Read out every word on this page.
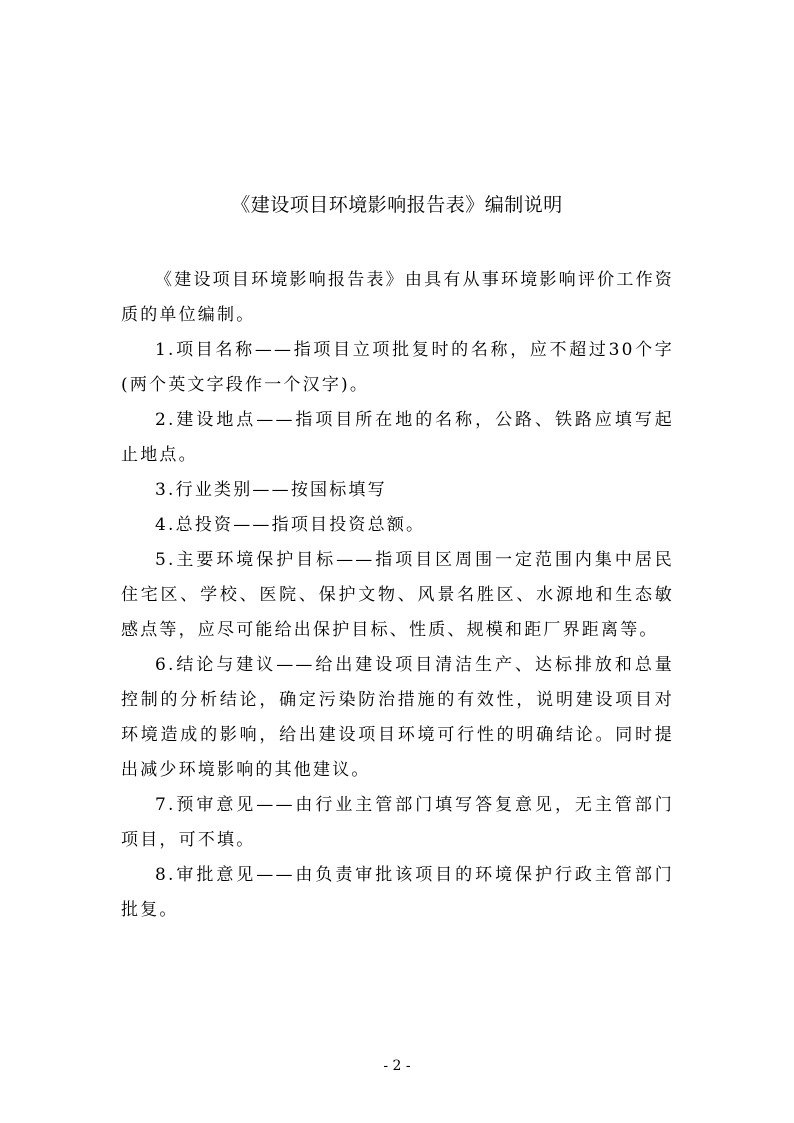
《建设项目环境影响报告表》编制说明

《建设项目环境影响报告表》由具有从事环境影响评价工作资质的单位编制。

1.项目名称——指项目立项批复时的名称，应不超过30个字(两个英文字段作一个汉字)。

2.建设地点——指项目所在地的名称，公路、铁路应填写起止地点。

3.行业类别——按国标填写

4.总投资——指项目投资总额。

5.主要环境保护目标——指项目区周围一定范围内集中居民住宅区、学校、医院、保护文物、风景名胜区、水源地和生态敏感点等，应尽可能给出保护目标、性质、规模和距厂界距离等。

6.结论与建议——给出建设项目清洁生产、达标排放和总量控制的分析结论，确定污染防治措施的有效性，说明建设项目对环境造成的影响，给出建设项目环境可行性的明确结论。同时提出减少环境影响的其他建议。

7.预审意见——由行业主管部门填写答复意见，无主管部门项目，可不填。

8.审批意见——由负责审批该项目的环境保护行政主管部门批复。

- 2 -
